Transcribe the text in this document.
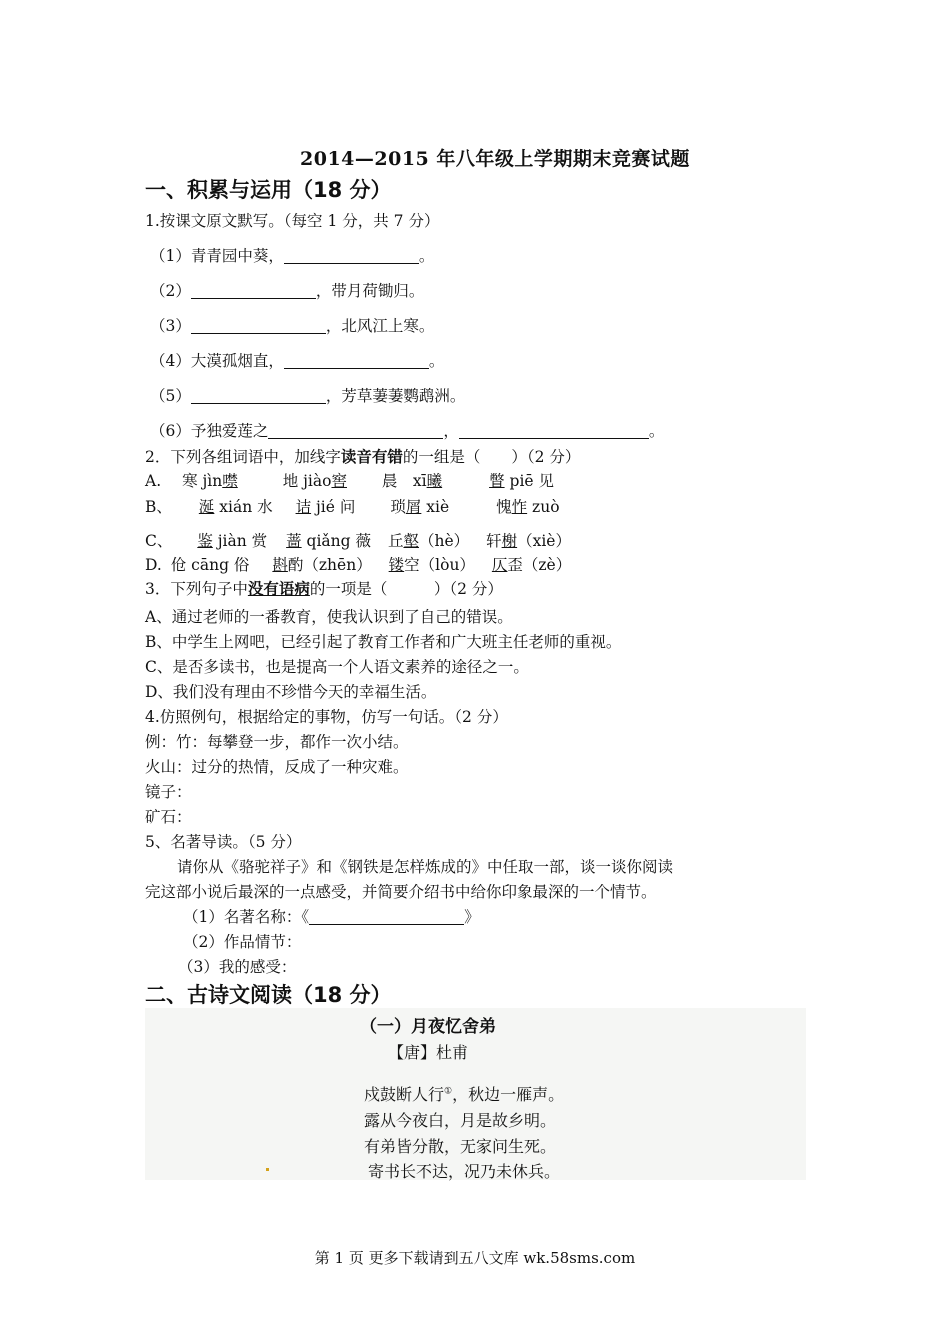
2014—2015 年八年级上学期期末竞赛试题
一、积累与运用（18 分）
1.按课文原文默写。（每空 1 分，共 7 分）
（1）青青园中葵，	。
（2）	，带月荷锄归。
（3）	，北风江上寒。
（4）大漠孤烟直，	。
（5）	，芳草萋萋鹦鹉洲。
（6）予独爱莲之	，	。
2．下列各组词语中，加线字读音有错的一组是（　　）（2 分）
A. 寒 jìn噤	地 jiào窖 晨　xī曦	瞥 piē 见
B、 涎 xián 水 诘 jié 问 琐屑 xiè	愧怍 zuò
C、 鉴 jiàn 赏 蔷 qiǎng 薇 丘壑（hè） 轩榭（xiè）
D. 伧 cāng 俗 斟酌（zhēn） 镂空（lòu） 仄歪（zè）
3．下列句子中没有语病的一项是（　　　）（2 分）
A、通过老师的一番教育，使我认识到了自己的错误。
B、中学生上网吧，已经引起了教育工作者和广大班主任老师的重视。
C、是否多读书，也是提高一个人语文素养的途径之一。
D、我们没有理由不珍惜今天的幸福生活。
4.仿照例句，根据给定的事物，仿写一句话。（2 分）
例：竹：每攀登一步，都作一次小结。
火山：过分的热情，反成了一种灾难。
镜子：
矿石：
5、名著导读。（5 分）
请你从《骆驼祥子》和《钢铁是怎样炼成的》中任取一部，谈一谈你阅读
完这部小说后最深的一点感受，并简要介绍书中给你印象最深的一个情节。
（1）名著名称：《	》
（2）作品情节：
（3）我的感受：
二、古诗文阅读（18 分）
（一）月夜忆舍弟
【唐】杜甫
戍鼓断人行①，秋边一雁声。
露从今夜白，月是故乡明。
有弟皆分散，无家问生死。
寄书长不达，况乃未休兵。
第 1 页 更多下载请到五八文库 wk.58sms.com
